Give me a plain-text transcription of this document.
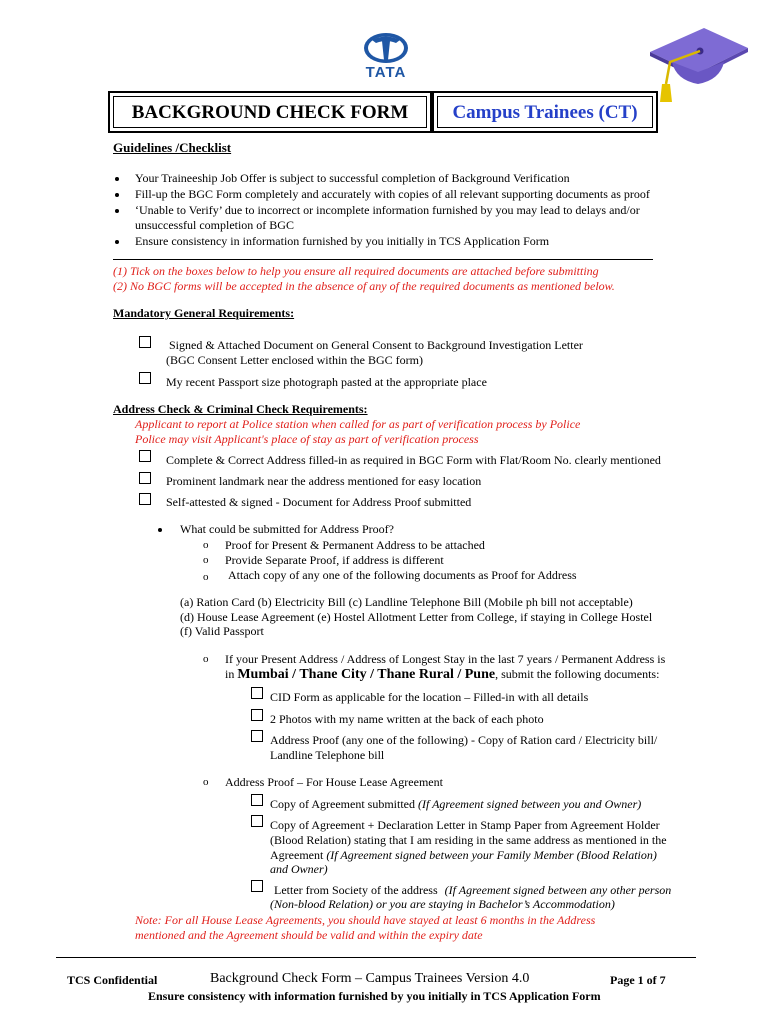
TATA
BACKGROUND CHECK FORM	Campus Trainees (CT)
Guidelines /Checklist
Your Traineeship Job Offer is subject to successful completion of Background Verification
Fill-up the BGC Form completely and accurately with copies of all relevant supporting documents as proof
‘Unable to Verify’ due to incorrect or incomplete information furnished by you may lead to delays and/or
unsuccessful completion of BGC
Ensure consistency in information furnished by you initially in TCS Application Form
(1) Tick on the boxes below to help you ensure all required documents are attached before submitting
(2) No BGC forms will be accepted in the absence of any of the required documents as mentioned below.
Mandatory General Requirements:
Signed & Attached Document on General Consent to Background Investigation Letter
(BGC Consent Letter enclosed within the BGC form)
My recent Passport size photograph pasted at the appropriate place
Address Check & Criminal Check Requirements:
Applicant to report at Police station when called for as part of verification process by Police
Police may visit Applicant's place of stay as part of verification process
Complete & Correct Address filled-in as required in BGC Form with Flat/Room No. clearly mentioned
Prominent landmark near the address mentioned for easy location
Self-attested & signed - Document for Address Proof submitted
What could be submitted for Address Proof?
o Proof for Present & Permanent Address to be attached
o Provide Separate Proof, if address is different
o Attach copy of any one of the following documents as Proof for Address
(a) Ration Card (b) Electricity Bill (c) Landline Telephone Bill (Mobile ph bill not acceptable)
(d) House Lease Agreement (e) Hostel Allotment Letter from College, if staying in College Hostel
(f) Valid Passport
o If your Present Address / Address of Longest Stay in the last 7 years / Permanent Address is
in Mumbai / Thane City / Thane Rural / Pune, submit the following documents:
CID Form as applicable for the location – Filled-in with all details
2 Photos with my name written at the back of each photo
Address Proof (any one of the following) - Copy of Ration card / Electricity bill/
Landline Telephone bill
o Address Proof – For House Lease Agreement
Copy of Agreement submitted (If Agreement signed between you and Owner)
Copy of Agreement + Declaration Letter in Stamp Paper from Agreement Holder
(Blood Relation) stating that I am residing in the same address as mentioned in the
Agreement (If Agreement signed between your Family Member (Blood Relation)
and Owner)
Letter from Society of the address (If Agreement signed between any other person
(Non-blood Relation) or you are staying in Bachelor’s Accommodation)
Note: For all House Lease Agreements, you should have stayed at least 6 months in the Address
mentioned and the Agreement should be valid and within the expiry date
TCS Confidential	Background Check Form – Campus Trainees Version 4.0	Page 1 of 7
Ensure consistency with information furnished by you initially in TCS Application Form
